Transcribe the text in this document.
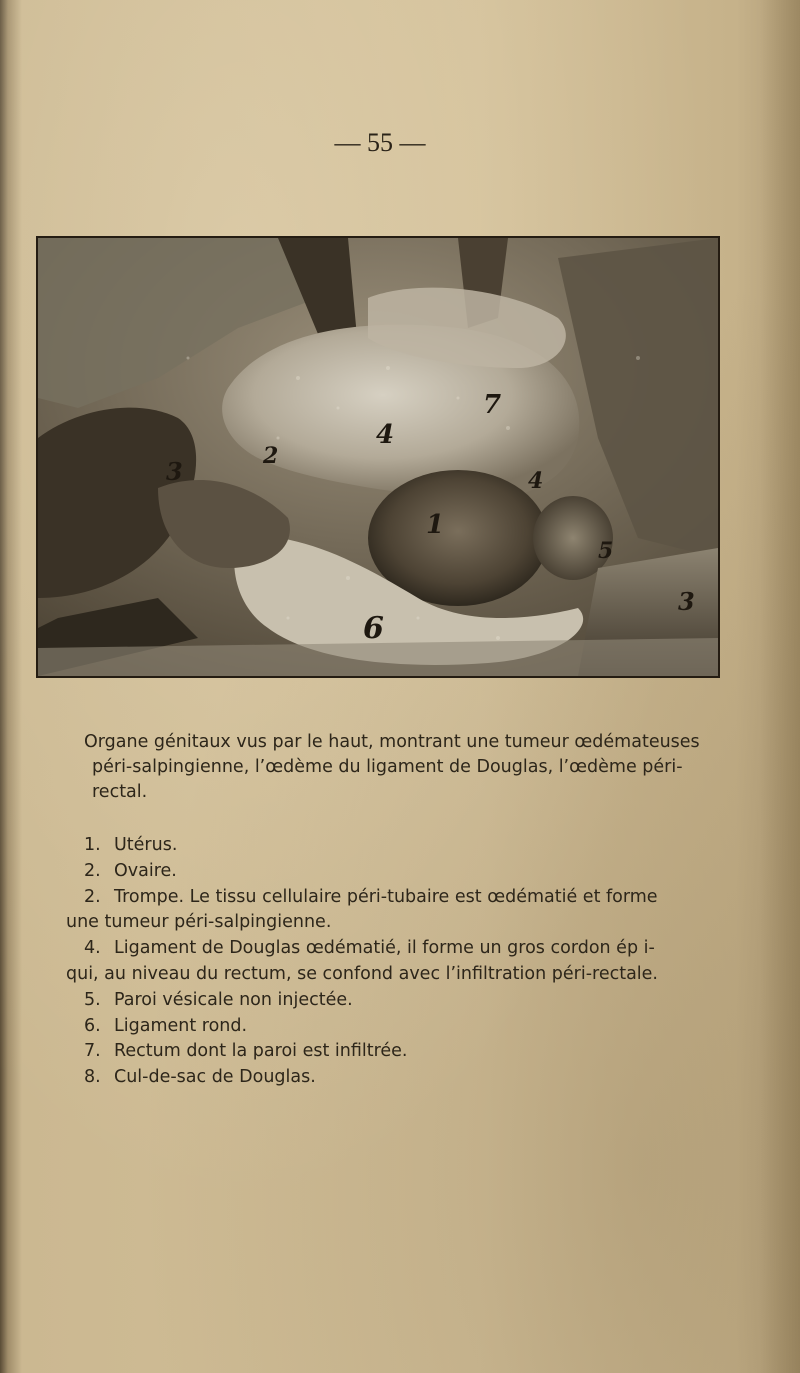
— 55 —
4
7
2
3	4
1
6
5
3
Organe génitaux vus par le haut, montrant une tumeur œdémateuses
péri-salpingienne, l’œdème du ligament de Douglas, l’œdème péri-
rectal.
1. Utérus.
2. Ovaire.
2. Trompe. Le tissu cellulaire péri-tubaire est œdématié et forme
une tumeur péri-salpingienne.
4. Ligament de Douglas œdématié, il forme un gros cordon ép i-
qui, au niveau du rectum, se confond avec l’infiltration péri-rectale.
5. Paroi vésicale non injectée.
6. Ligament rond.
7. Rectum dont la paroi est infiltrée.
8. Cul-de-sac de Douglas.
